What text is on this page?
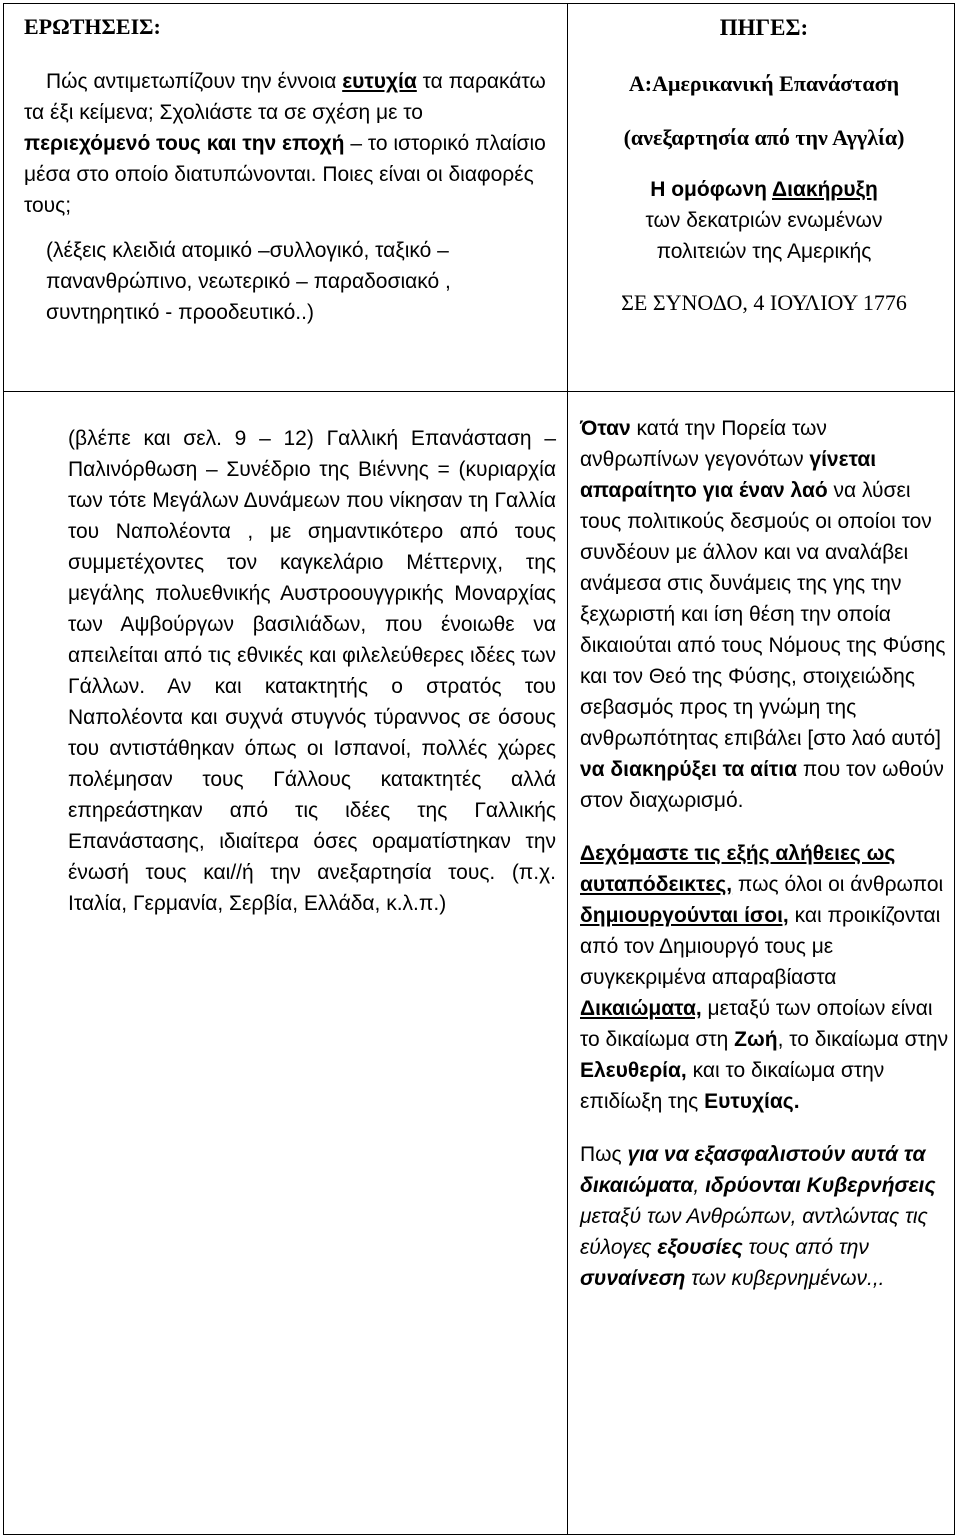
ΕΡΩΤΗΣΕΙΣ:

Πώς αντιμετωπίζουν την έννοια ευτυχία τα παρακάτω τα έξι κείμενα; Σχολιάστε τα σε σχέση με το περιεχόμενό τους και την εποχή – το ιστορικό πλαίσιο μέσα στο οποίο διατυπώνονται. Ποιες είναι οι διαφορές τους;

(λέξεις κλειδιά ατομικό –συλλογικό, ταξικό – πανανθρώπινο, νεωτερικό – παραδοσιακό , συντηρητικό - προοδευτικό..)

ΠΗΓΕΣ:
Α:Αμερικανική Επανάσταση
(ανεξαρτησία από την Αγγλία)
Η ομόφωνη Διακήρυξη
των δεκατριών ενωμένων
πολιτειών της Αμερικής
ΣΕ ΣΥΝΟΔΟ, 4 ΙΟΥΛΙΟΥ 1776

(βλέπε και σελ. 9 – 12) Γαλλική Επανάσταση – Παλινόρθωση – Συνέδριο της Βιέννης = (κυριαρχία των τότε Μεγάλων Δυνάμεων που νίκησαν τη Γαλλία του Ναπολέοντα , με σημαντικότερο από τους συμμετέχοντες τον καγκελάριο Μέττερνιχ, της μεγάλης πολυεθνικής Αυστροουγγρικής Μοναρχίας των Αψβούργων βασιλιάδων, που ένοιωθε να απειλείται από τις εθνικές και φιλελεύθερες ιδέες των Γάλλων. Αν και κατακτητής ο στρατός του Ναπολέοντα και συχνά στυγνός τύραννος σε όσους του αντιστάθηκαν όπως οι Ισπανοί, πολλές χώρες πολέμησαν τους Γάλλους κατακτητές αλλά επηρεάστηκαν από τις ιδέες της Γαλλικής Επανάστασης, ιδιαίτερα όσες οραματίστηκαν την ένωσή τους και//ή την ανεξαρτησία τους. (π.χ. Ιταλία, Γερμανία, Σερβία, Ελλάδα, κ.λ.π.)

Όταν κατά την Πορεία των ανθρωπίνων γεγονότων γίνεται απαραίτητο για έναν λαό να λύσει τους πολιτικούς δεσμούς οι οποίοι τον συνδέουν με άλλον και να αναλάβει ανάμεσα στις δυνάμεις της γης την ξεχωριστή και ίση θέση την οποία δικαιούται από τους Νόμους της Φύσης και τον Θεό της Φύσης, στοιχειώδης σεβασμός προς τη γνώμη της ανθρωπότητας επιβάλει [στο λαό αυτό] να διακηρύξει τα αίτια που τον ωθούν στον διαχωρισμό.

Δεχόμαστε τις εξής αλήθειες ως αυταπόδεικτες, πως όλοι οι άνθρωποι δημιουργούνται ίσοι, και προικίζονται από τον Δημιουργό τους με συγκεκριμένα απαραβίαστα Δικαιώματα, μεταξύ των οποίων είναι το δικαίωμα στη Ζωή, το δικαίωμα στην Ελευθερία, και το δικαίωμα στην επιδίωξη της Ευτυχίας.

Πως για να εξασφαλιστούν αυτά τα δικαιώματα, ιδρύονται Κυβερνήσεις μεταξύ των Ανθρώπων, αντλώντας τις εύλογες εξουσίες τους από την συναίνεση των κυβερνημένων.,.
